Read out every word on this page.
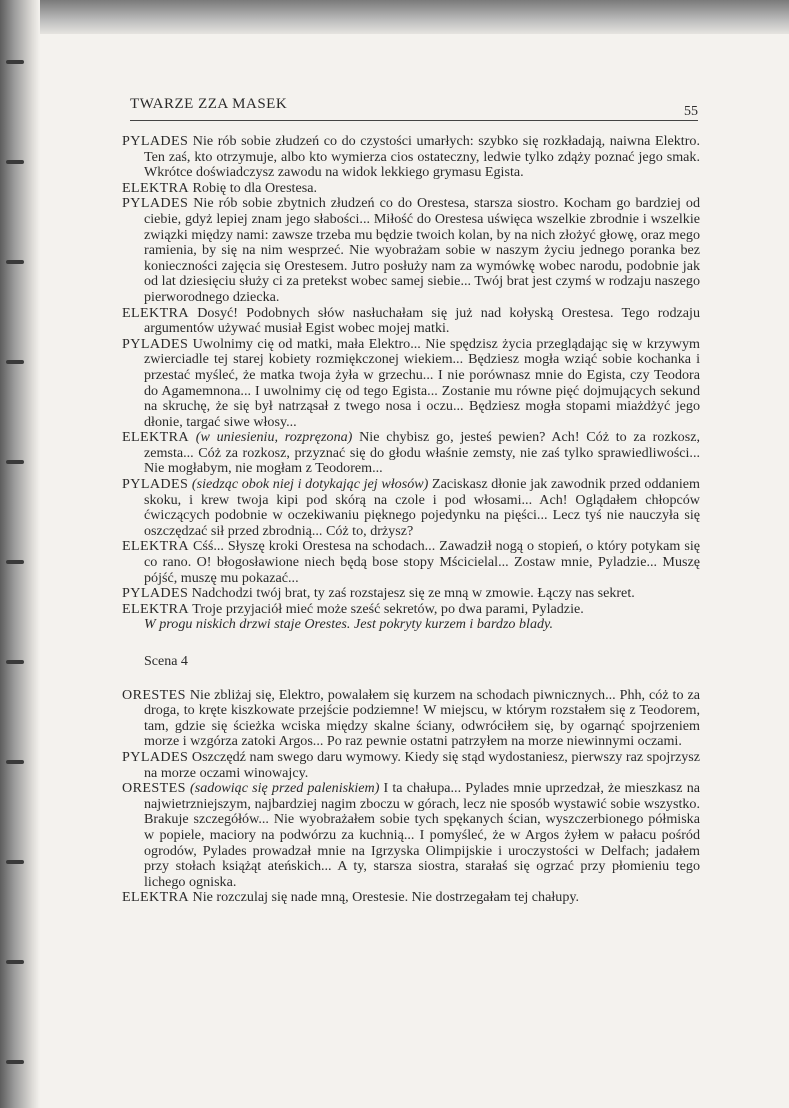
TWARZE ZZA MASEK	55

PYLADES Nie rób sobie złudzeń co do czystości umarłych: szybko się rozkładają, naiwna Elektro. Ten zaś, kto otrzymuje, albo kto wymierza cios ostateczny, ledwie tylko zdąży poznać jego smak. Wkrótce doświadczysz zawodu na widok lekkiego grymasu Egista.

ELEKTRA Robię to dla Orestesa.

PYLADES Nie rób sobie zbytnich złudzeń co do Orestesa, starsza siostro. Kocham go bardziej od ciebie, gdyż lepiej znam jego słabości... Miłość do Orestesa uświęca wszelkie zbrodnie i wszelkie związki między nami: zawsze trzeba mu będzie twoich kolan, by na nich złożyć głowę, oraz mego ramienia, by się na nim wesprzeć. Nie wyobrażam sobie w naszym życiu jednego poranka bez konieczności zajęcia się Orestesem. Jutro posłuży nam za wymówkę wobec narodu, podobnie jak od lat dziesięciu służy ci za pretekst wobec samej siebie... Twój brat jest czymś w rodzaju naszego pierworodnego dziecka.

ELEKTRA Dosyć! Podobnych słów nasłuchałam się już nad kołyską Orestesa. Tego rodzaju argumentów używać musiał Egist wobec mojej matki.

PYLADES Uwolnimy cię od matki, mała Elektro... Nie spędzisz życia przeglądając się w krzywym zwierciadle tej starej kobiety rozmiękczonej wiekiem... Będziesz mogła wziąć sobie kochanka i przestać myśleć, że matka twoja żyła w grzechu... I nie porównasz mnie do Egista, czy Teodora do Agamemnona... I uwolnimy cię od tego Egista... Zostanie mu równe pięć dojmujących sekund na skruchę, że się był natrząsał z twego nosa i oczu... Będziesz mogła stopami miażdżyć jego dłonie, targać siwe włosy...

ELEKTRA (w uniesieniu, rozpręzona) Nie chybisz go, jesteś pewien? Ach! Cóż to za rozkosz, zemsta... Cóż za rozkosz, przyznać się do głodu właśnie zemsty, nie zaś tylko sprawiedliwości... Nie mogłabym, nie mogłam z Teodorem...

PYLADES (siedząc obok niej i dotykając jej włosów) Zaciskasz dłonie jak zawodnik przed oddaniem skoku, i krew twoja kipi pod skórą na czole i pod włosami... Ach! Oglądałem chłopców ćwiczących podobnie w oczekiwaniu pięknego pojedynku na pięści... Lecz tyś nie nauczyła się oszczędzać sił przed zbrodnią... Cóż to, drżysz?

ELEKTRA Cśś... Słyszę kroki Orestesa na schodach... Zawadził nogą o stopień, o który potykam się co rano. O! błogosławione niech będą bose stopy Mścicielal... Zostaw mnie, Pyladzie... Muszę pójść, muszę mu pokazać...

PYLADES Nadchodzi twój brat, ty zaś rozstajesz się ze mną w zmowie. Łączy nas sekret.

ELEKTRA Troje przyjaciół mieć może sześć sekretów, po dwa parami, Pyladzie.

W progu niskich drzwi staje Orestes. Jest pokryty kurzem i bardzo blady.

Scena 4

ORESTES Nie zbliżaj się, Elektro, powalałem się kurzem na schodach piwnicznych... Phh, cóż to za droga, to kręte kiszkowate przejście podziemne! W miejscu, w którym rozstałem się z Teodorem, tam, gdzie się ścieżka wciska między skalne ściany, odwróciłem się, by ogarnąć spojrzeniem morze i wzgórza zatoki Argos... Po raz pewnie ostatni patrzyłem na morze niewinnymi oczami.

PYLADES Oszczędź nam swego daru wymowy. Kiedy się stąd wydostaniesz, pierwszy raz spojrzysz na morze oczami winowajcy.

ORESTES (sadowiąc się przed paleniskiem) I ta chałupa... Pylades mnie uprzedzał, że mieszkasz na najwietrzniejszym, najbardziej nagim zboczu w górach, lecz nie sposób wystawić sobie wszystko. Brakuje szczegółów... Nie wyobrażałem sobie tych spękanych ścian, wyszczerbionego półmiska w popiele, maciory na podwórzu za kuchnią... I pomyśleć, że w Argos żyłem w pałacu pośród ogrodów, Pylades prowadzał mnie na Igrzyska Olimpijskie i uroczystości w Delfach; jadałem przy stołach książąt ateńskich... A ty, starsza siostra, starałaś się ogrzać przy płomieniu tego lichego ogniska.

ELEKTRA Nie rozczulaj się nade mną, Orestesie. Nie dostrzegałam tej chałupy.
